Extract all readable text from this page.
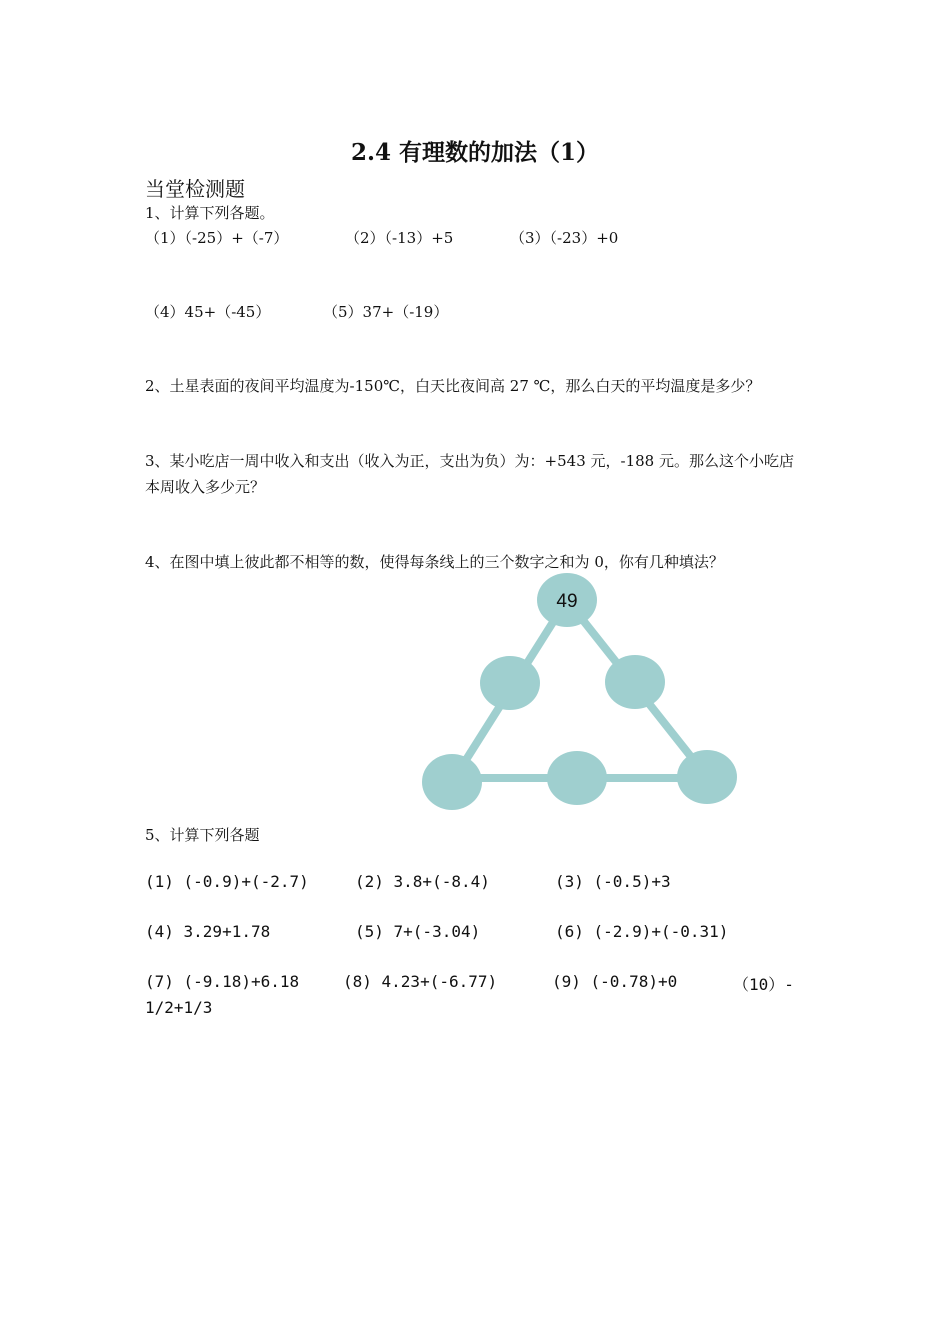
2.4 有理数的加法（1）
当堂检测题
1、计算下列各题。
（1）（-25）+（-7）	（2）（-13）+5	（3）（-23）+0
（4）45+（-45）	（5）37+（-19）
2、土星表面的夜间平均温度为-150℃，白天比夜间高 27 ℃，那么白天的平均温度是多少？
3、某小吃店一周中收入和支出（收入为正，支出为负）为：+543 元，-188 元。那么这个小吃店
本周收入多少元？
4、在图中填上彼此都不相等的数，使得每条线上的三个数字之和为 0，你有几种填法？
49
5、计算下列各题
(1) (-0.9)+(-2.7)	(2) 3.8+(-8.4)	(3) (-0.5)+3
(4) 3.29+1.78	(5) 7+(-3.04)	(6) (-2.9)+(-0.31)
(7) (-9.18)+6.18	(8) 4.23+(-6.77)	(9) (-0.78)+0	（10）-
1/2+1/3
